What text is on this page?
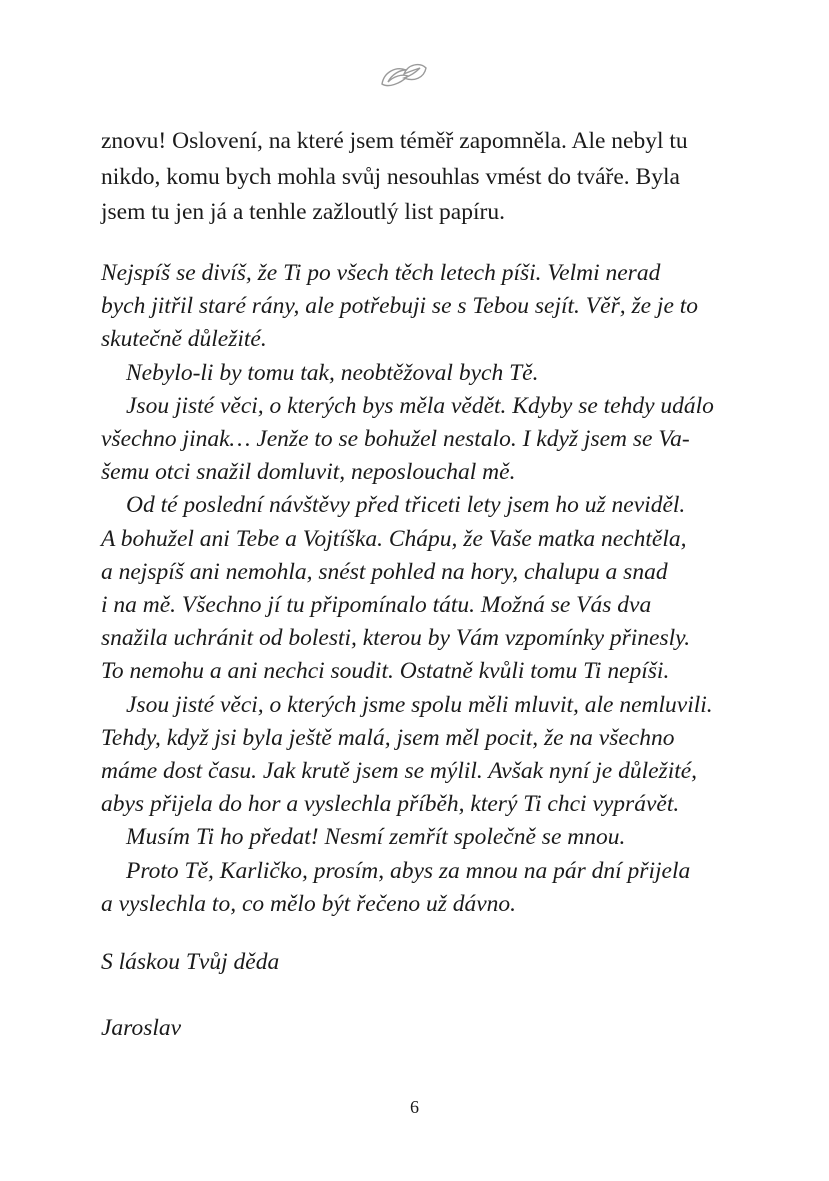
znovu! Oslovení, na které jsem téměř zapomněla. Ale nebyl tu
nikdo, komu bych mohla svůj nesouhlas vmést do tváře. Byla
jsem tu jen já a tenhle zažloutlý list papíru.
Nejspíš se divíš, že Ti po všech těch letech píši. Velmi nerad
bych jitřil staré rány, ale potřebuji se s Tebou sejít. Věř, že je to
skutečně důležité.
Nebylo-li by tomu tak, neobtěžoval bych Tě.
Jsou jisté věci, o kterých bys měla vědět. Kdyby se tehdy událo
všechno jinak… Jenže to se bohužel nestalo. I když jsem se Va-
šemu otci snažil domluvit, neposlouchal mě.
Od té poslední návštěvy před třiceti lety jsem ho už neviděl.
A bohužel ani Tebe a Vojtíška. Chápu, že Vaše matka nechtěla,
a nejspíš ani nemohla, snést pohled na hory, chalupu a snad
i na mě. Všechno jí tu připomínalo tátu. Možná se Vás dva
snažila uchránit od bolesti, kterou by Vám vzpomínky přinesly.
To nemohu a ani nechci soudit. Ostatně kvůli tomu Ti nepíši.
Jsou jisté věci, o kterých jsme spolu měli mluvit, ale nemluvili.
Tehdy, když jsi byla ještě malá, jsem měl pocit, že na všechno
máme dost času. Jak krutě jsem se mýlil. Avšak nyní je důležité,
abys přijela do hor a vyslechla příběh, který Ti chci vyprávět.
Musím Ti ho předat! Nesmí zemřít společně se mnou.
Proto Tě, Karličko, prosím, abys za mnou na pár dní přijela
a vyslechla to, co mělo být řečeno už dávno.
S láskou Tvůj děda
Jaroslav
6
